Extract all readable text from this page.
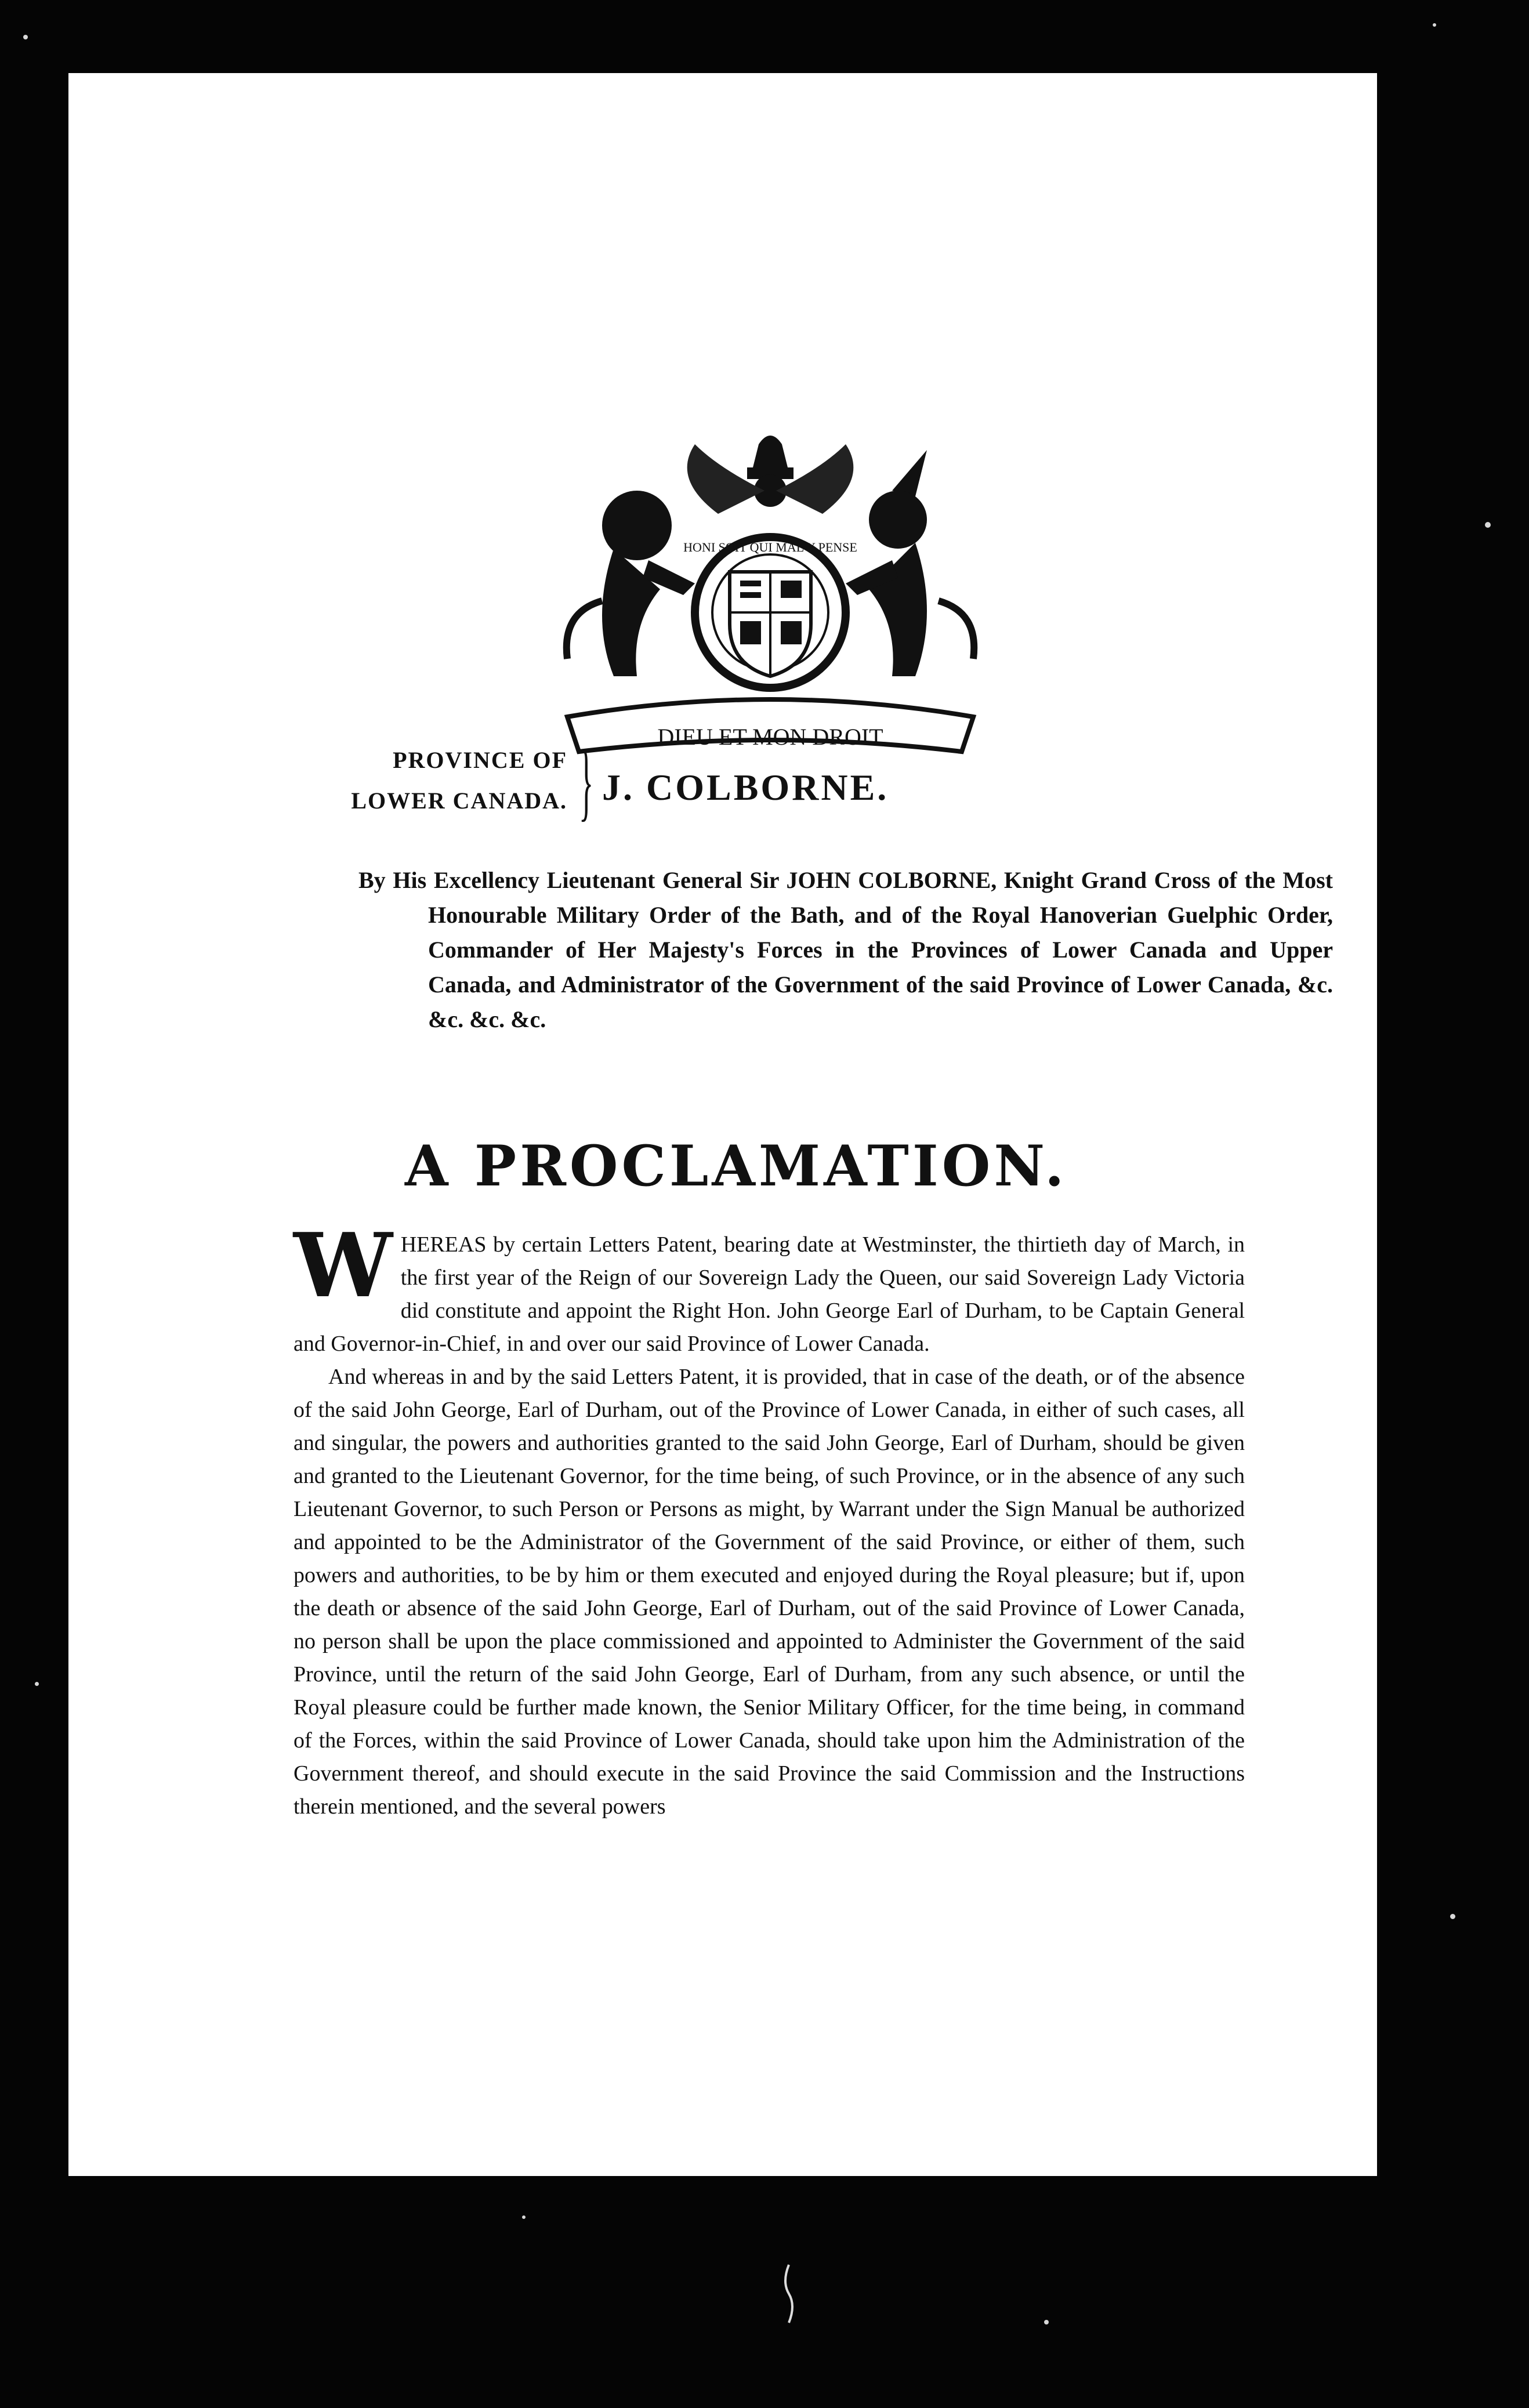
DIEU ET MON DROIT
HONI SOIT QUI MAL Y PENSE
PROVINCE OF
LOWER CANADA. } J. COLBORNE.
By His Excellency Lieutenant General Sir JOHN COLBORNE, Knight Grand Cross of the Most Honourable Military Order of the Bath, and of the Royal Hanoverian Guelphic Order, Commander of Her Majesty's Forces in the Provinces of Lower Canada and Upper Canada, and Administrator of the Government of the said Province of Lower Canada, &c. &c. &c. &c.
A PROCLAMATION.

WHEREAS by certain Letters Patent, bearing date at Westminster, the thirtieth day of March, in the first year of the Reign of our Sovereign Lady the Queen, our said Sovereign Lady Victoria did constitute and appoint the Right Hon. John George Earl of Durham, to be Captain General and Governor-in-Chief, in and over our said Province of Lower Canada.

And whereas in and by the said Letters Patent, it is provided, that in case of the death, or of the absence of the said John George, Earl of Durham, out of the Province of Lower Canada, in either of such cases, all and singular, the powers and authorities granted to the said John George, Earl of Durham, should be given and granted to the Lieutenant Governor, for the time being, of such Province, or in the absence of any such Lieutenant Governor, to such Person or Persons as might, by Warrant under the Sign Manual be authorized and appointed to be the Administrator of the Government of the said Province, or either of them, such powers and authorities, to be by him or them executed and enjoyed during the Royal pleasure; but if, upon the death or absence of the said John George, Earl of Durham, out of the said Province of Lower Canada, no person shall be upon the place commissioned and appointed to Administer the Government of the said Province, until the return of the said John George, Earl of Durham, from any such absence, or until the Royal pleasure could be further made known, the Senior Military Officer, for the time being, in command of the Forces, within the said Province of Lower Canada, should take upon him the Administration of the Government thereof, and should execute in the said Province the said Commission and the Instructions therein mentioned, and the several powers
